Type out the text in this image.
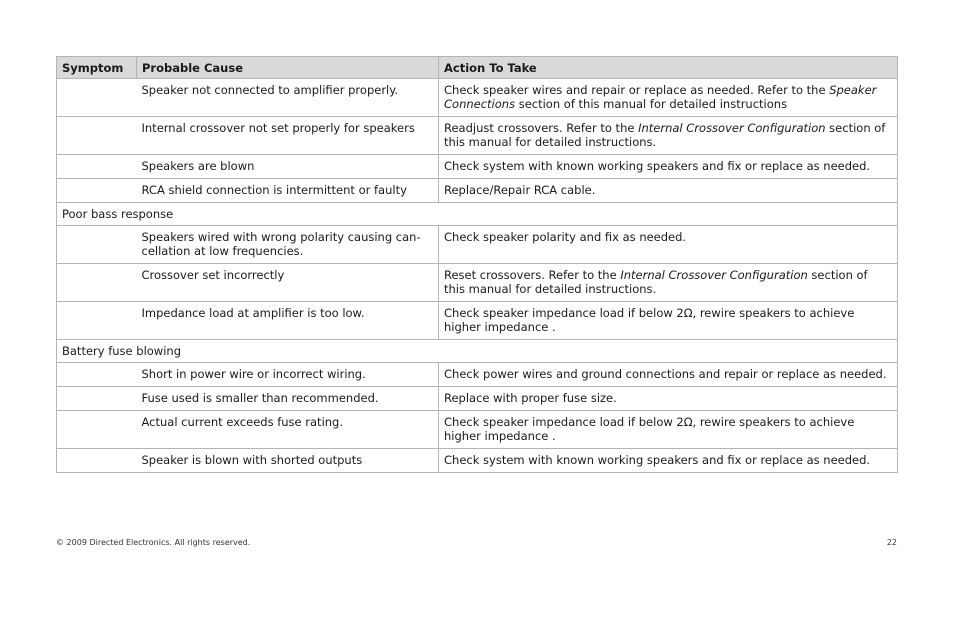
Symptom	Probable Cause	Action To Take
	Speaker not connected to amplifier properly.	Check speaker wires and repair or replace as needed. Refer to the Speaker Connections section of this manual for detailed instructions
	Internal crossover not set properly for speakers	Readjust crossovers. Refer to the Internal Crossover Configuration section of this manual for detailed instructions.
	Speakers are blown	Check system with known working speakers and fix or replace as needed.
	RCA shield connection is intermittent or faulty	Replace/Repair RCA cable.
Poor bass response		
	Speakers wired with wrong polarity causing can-cellation at low frequencies.	Check speaker polarity and fix as needed.
	Crossover set incorrectly	Reset crossovers. Refer to the Internal Crossover Configuration section of this manual for detailed instructions.
	Impedance load at amplifier is too low.	Check speaker impedance load if below 2Ω, rewire speakers to achieve higher impedance .
Battery fuse blowing		
	Short in power wire or incorrect wiring.	Check power wires and ground connections and repair or replace as needed.
	Fuse used is smaller than recommended.	Replace with proper fuse size.
	Actual current exceeds fuse rating.	Check speaker impedance load if below 2Ω, rewire speakers to achieve higher impedance .
	Speaker is blown with shorted outputs	Check system with known working speakers and fix or replace as needed.
© 2009 Directed Electronics. All rights reserved.	22
